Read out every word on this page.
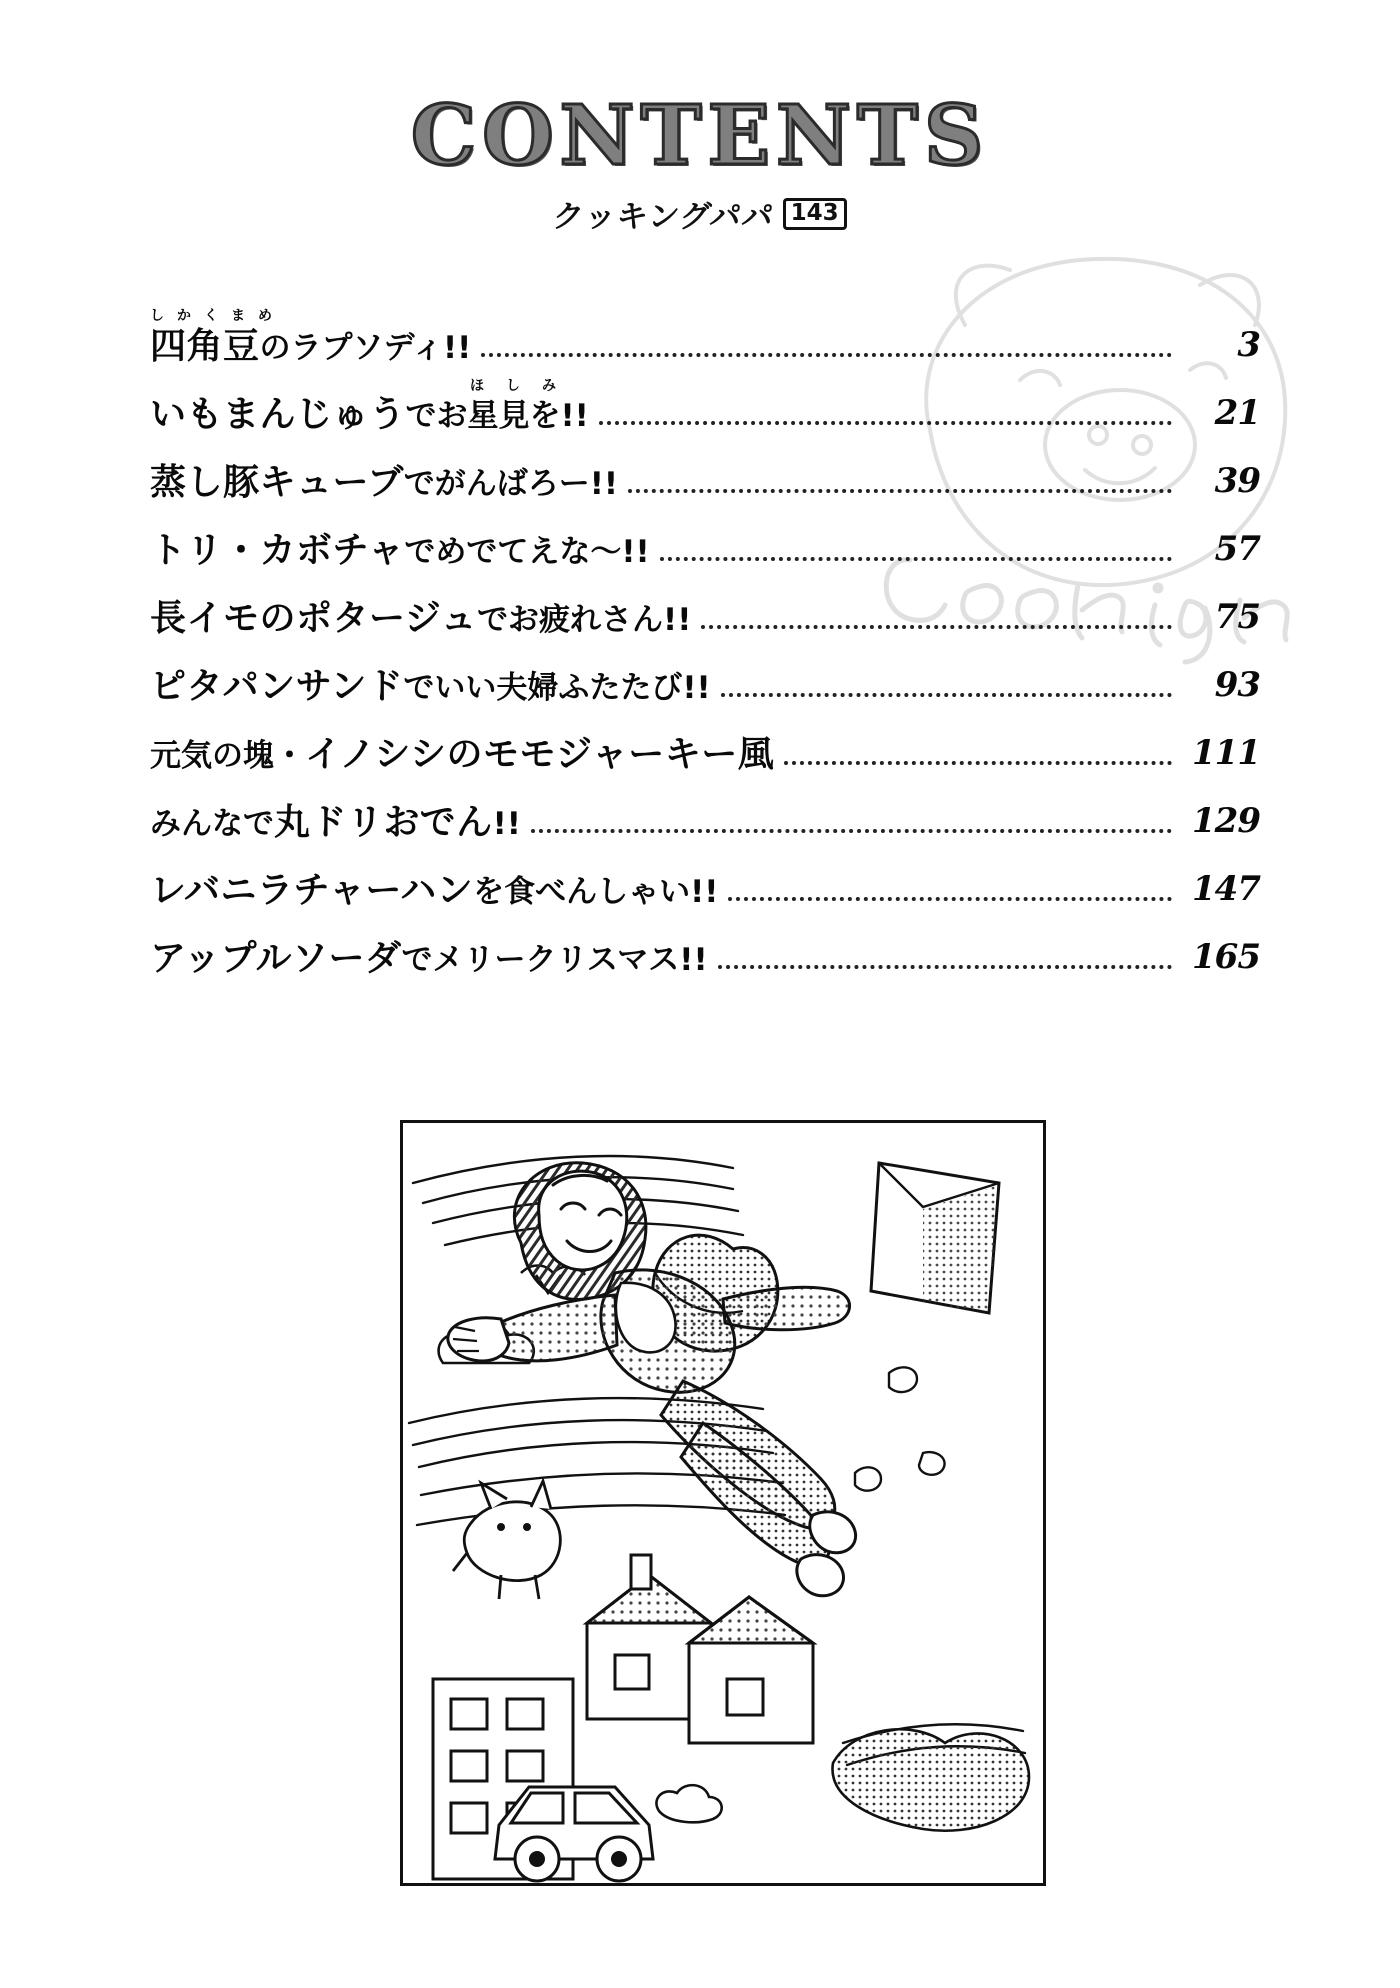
CONTENTS
クッキングパパ 143
しかくまめ
四角豆のラプソディ!!	3
ほしみ
いもまんじゅうでお星見を!!	21
蒸し豚キューブでがんばろー!!	39
トリ・カボチャでめでてえな〜!!	57
長イモのポタージュでお疲れさん!!	75
ピタパンサンドでいい夫婦ふたたび!!	93
元気の塊・イノシシのモモジャーキー風	111
みんなで丸ドリおでん!!	129
レバニラチャーハンを食べんしゃい!!	147
アップルソーダでメリークリスマス!!	165
